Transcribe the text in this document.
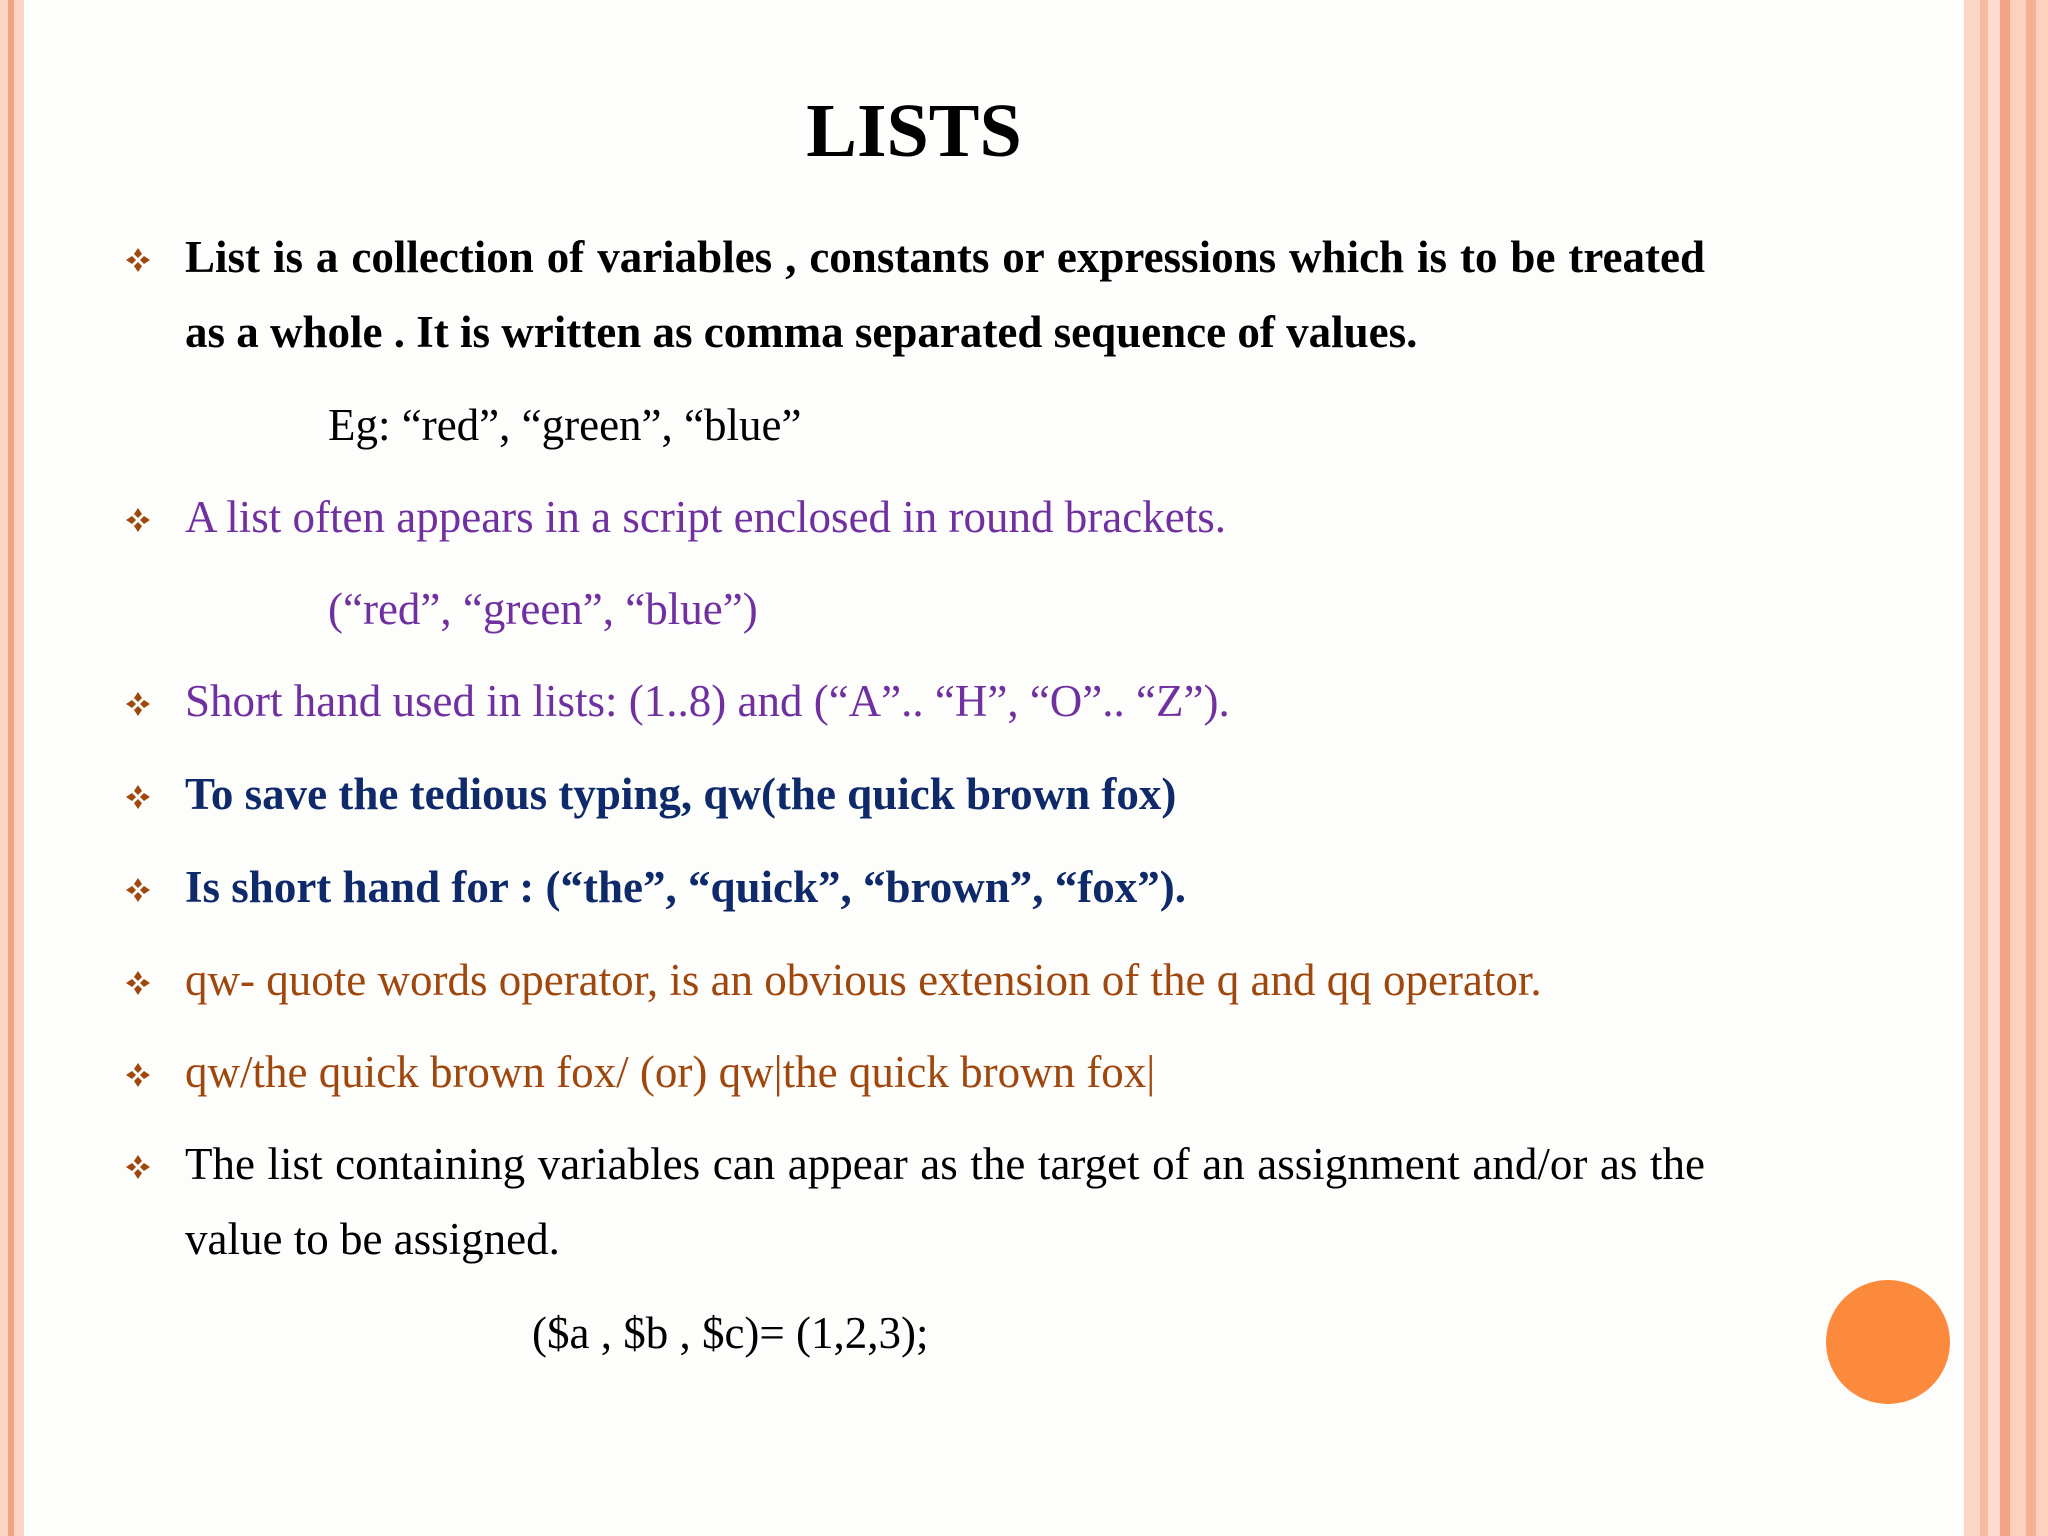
LISTS

List is a collection of variables , constants or expressions which is to be treated as a whole . It is written as comma separated sequence of values.

Eg: “red”, “green”, “blue”

A list often appears in a script enclosed in round brackets.

(“red”, “green”, “blue”)

Short hand used in lists: (1..8) and (“A”.. “H”, “O”.. “Z”).

To save the tedious typing, qw(the quick brown fox)

Is short hand for : (“the”, “quick”, “brown”, “fox”).

qw- quote words operator, is an obvious extension of the q and qq operator.

qw/the quick brown fox/ (or) qw|the quick brown fox|

The list containing variables can appear as the target of an assignment and/or as the value to be assigned.

($a , $b , $c)= (1,2,3);
